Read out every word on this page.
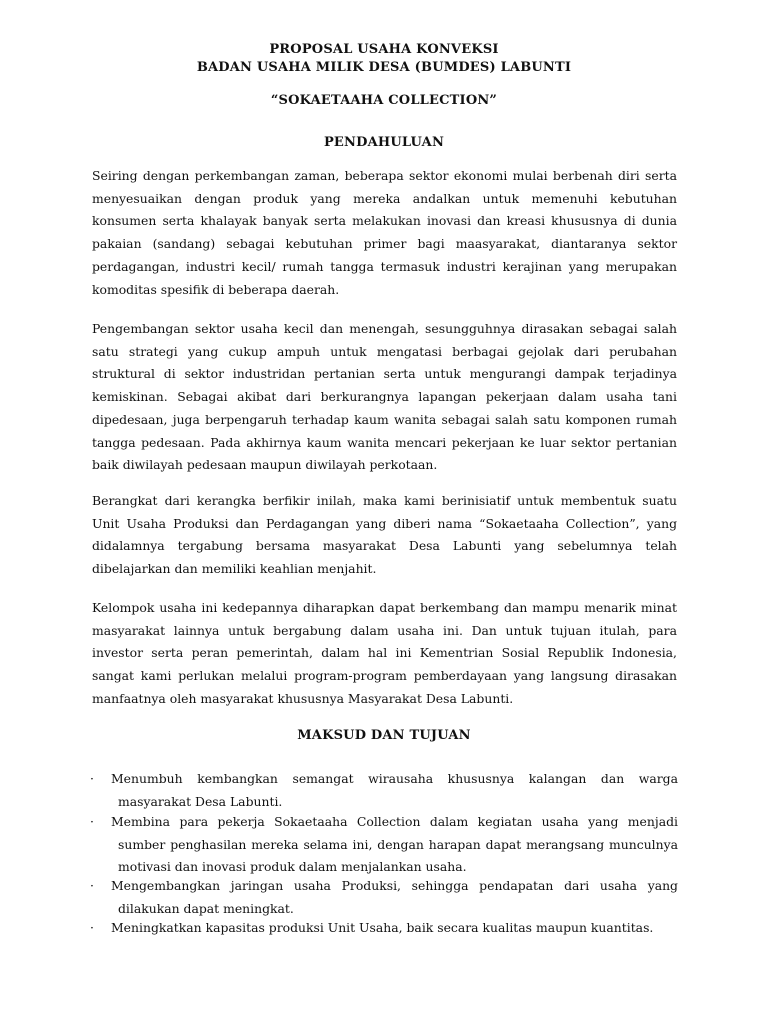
PROPOSAL USAHA KONVEKSI
BADAN USAHA MILIK DESA (BUMDES) LABUNTI
“SOKAETAAHA COLLECTION”
PENDAHULUAN
Seiring dengan perkembangan zaman, beberapa sektor ekonomi mulai berbenah diri serta menyesuaikan dengan produk yang mereka andalkan untuk memenuhi kebutuhan konsumen serta khalayak banyak serta melakukan inovasi dan kreasi khususnya di dunia pakaian (sandang) sebagai kebutuhan primer bagi maasyarakat, diantaranya sektor perdagangan, industri kecil/ rumah tangga termasuk industri kerajinan yang merupakan komoditas spesifik di beberapa daerah.
Pengembangan sektor usaha kecil dan menengah, sesungguhnya dirasakan sebagai salah satu strategi yang cukup ampuh untuk mengatasi berbagai gejolak dari perubahan struktural di sektor industridan pertanian serta untuk mengurangi dampak terjadinya kemiskinan. Sebagai akibat dari berkurangnya lapangan pekerjaan dalam usaha tani dipedesaan, juga berpengaruh terhadap kaum wanita sebagai salah satu komponen rumah tangga pedesaan. Pada akhirnya kaum wanita mencari pekerjaan ke luar sektor pertanian baik diwilayah pedesaan maupun diwilayah perkotaan.
Berangkat dari kerangka berfikir inilah, maka kami berinisiatif untuk membentuk suatu Unit Usaha Produksi dan Perdagangan yang diberi nama “Sokaetaaha Collection”, yang didalamnya tergabung bersama masyarakat Desa Labunti yang sebelumnya telah dibelajarkan dan memiliki keahlian menjahit.
Kelompok usaha ini kedepannya diharapkan dapat berkembang dan mampu menarik minat masyarakat lainnya untuk bergabung dalam usaha ini. Dan untuk tujuan itulah, para investor serta peran pemerintah, dalam hal ini Kementrian Sosial Republik Indonesia, sangat kami perlukan melalui program-program pemberdayaan yang langsung dirasakan manfaatnya oleh masyarakat khususnya Masyarakat Desa Labunti.
MAKSUD DAN TUJUAN
·	Menumbuh kembangkan semangat wirausaha khususnya kalangan dan warga masyarakat Desa Labunti.
·	Membina para pekerja Sokaetaaha Collection dalam kegiatan usaha yang menjadi sumber penghasilan mereka selama ini, dengan harapan dapat merangsang munculnya motivasi dan inovasi produk dalam menjalankan usaha.
·	Mengembangkan jaringan usaha Produksi, sehingga pendapatan dari usaha yang dilakukan dapat meningkat.
·	Meningkatkan kapasitas produksi Unit Usaha, baik secara kualitas maupun kuantitas.
